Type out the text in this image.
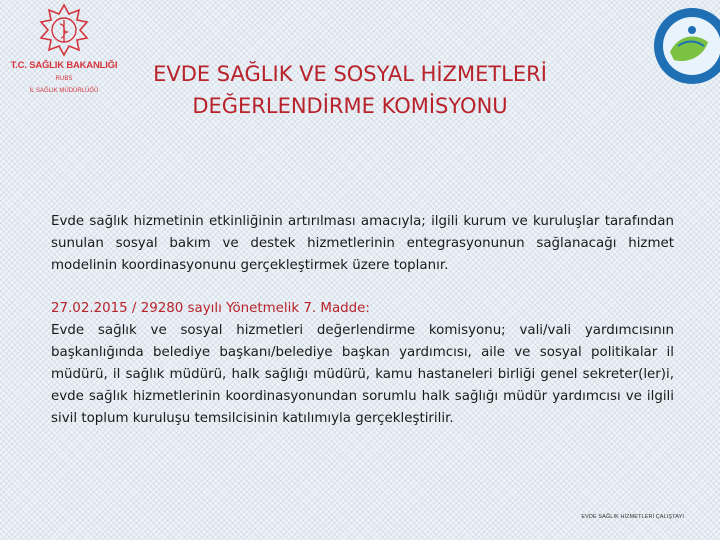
T.C. SAĞLIK BAKANLIĞI
RUBS
İL SAĞLIK MÜDÜRLÜĞÜ
EVDE SAĞLIK VE SOSYAL HİZMETLERİ
DEĞERLENDİRME KOMİSYONU
Evde sağlık hizmetinin etkinliğinin artırılması amacıyla; ilgili kurum ve kuruluşlar tarafından sunulan sosyal bakım ve destek hizmetlerinin entegrasyonunun sağlanacağı hizmet modelinin koordinasyonunu gerçekleştirmek üzere toplanır.
27.02.2015 / 29280 sayılı Yönetmelik 7. Madde:
Evde sağlık ve sosyal hizmetleri değerlendirme komisyonu; vali/vali yardımcısının başkanlığında belediye başkanı/belediye başkan yardımcısı, aile ve sosyal politikalar il müdürü, il sağlık müdürü, halk sağlığı müdürü, kamu hastaneleri birliği genel sekreter(ler)i, evde sağlık hizmetlerinin koordinasyonundan sorumlu halk sağlığı müdür yardımcısı ve ilgili sivil toplum kuruluşu temsilcisinin katılımıyla gerçekleştirilir.
EVDE SAĞLIK HİZMETLERİ ÇALIŞTAYI
